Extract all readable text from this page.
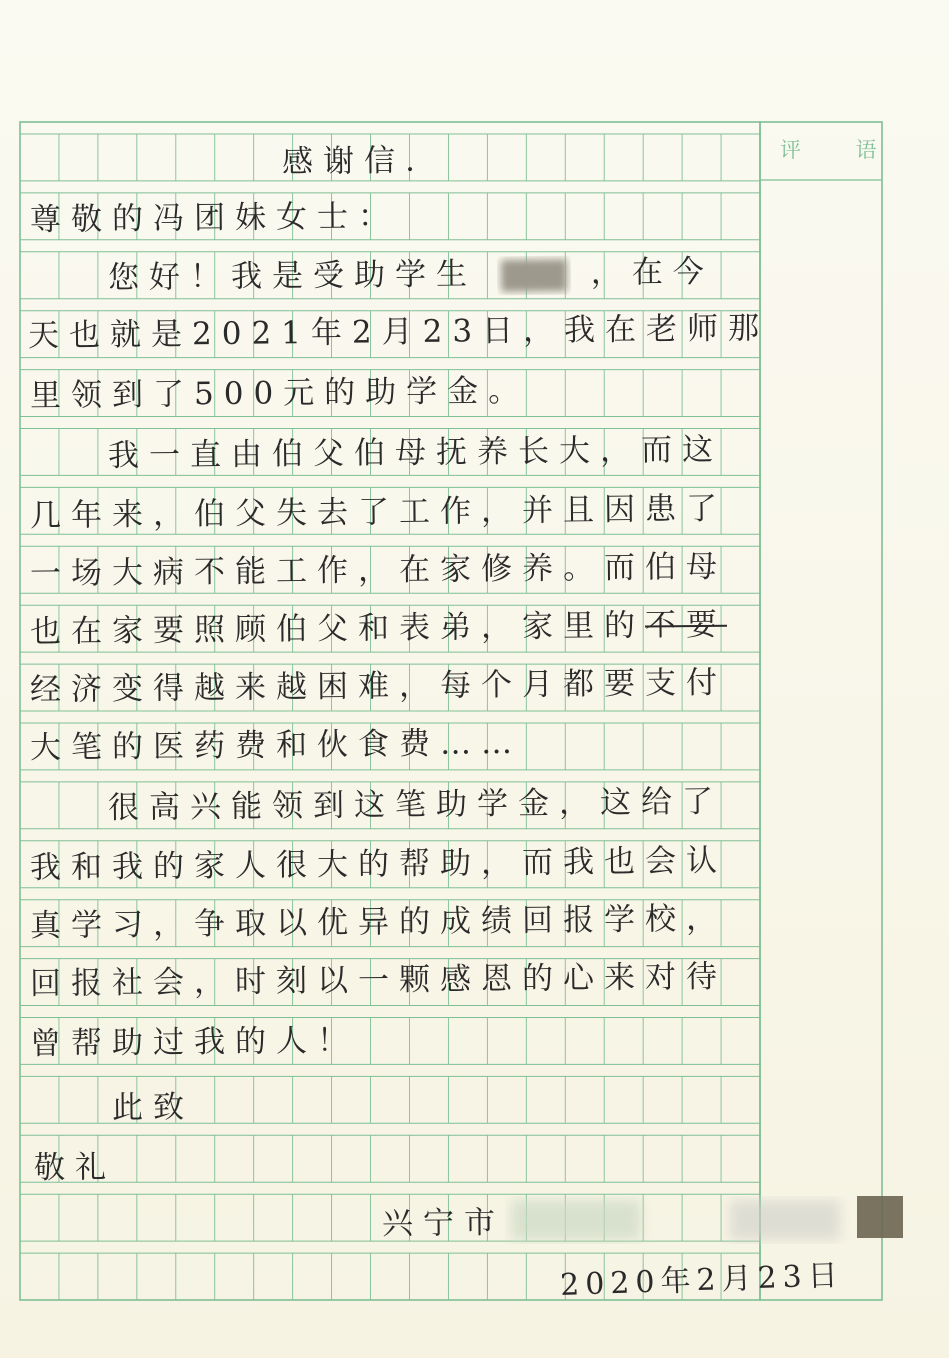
评 语
感谢信.
尊敬的冯团妹女士：
您好！我是受助学生	，在今
天也就是2021年2月23日，我在老师那
里领到了500元的助学金。
我一直由伯父伯母抚养长大，而这
几年来，伯父失去了工作，并且因患了
一场大病不能工作，在家修养。而伯母
也在家要照顾伯父和表弟，家里的不要
经济变得越来越困难，每个月都要支付
大笔的医药费和伙食费……
很高兴能领到这笔助学金，这给了
我和我的家人很大的帮助，而我也会认
真学习，争取以优异的成绩回报学校，
回报社会，时刻以一颗感恩的心来对待
曾帮助过我的人！
此致
敬礼
兴宁市
2020年2月23日
